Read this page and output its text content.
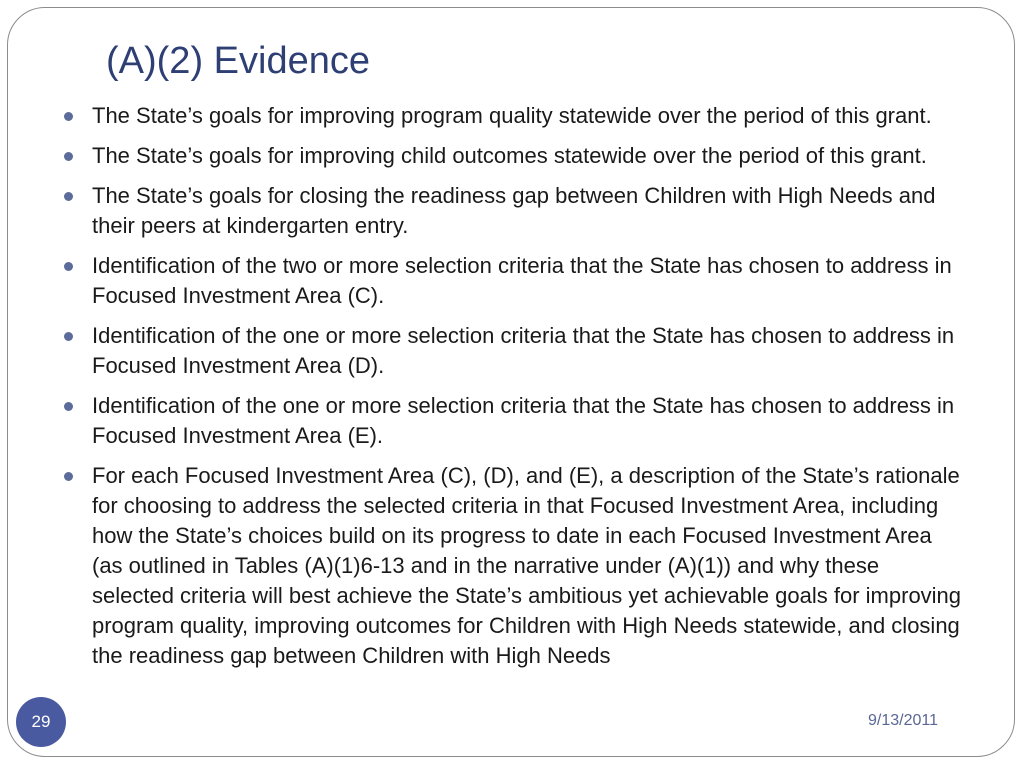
(A)(2) Evidence
The State’s goals for improving program quality statewide over the period of this grant.
The State’s goals for improving child outcomes statewide over the period of this grant.
The State’s goals for closing the readiness gap between Children with High Needs and their peers at kindergarten entry.
Identification of the two or more selection criteria that the State has chosen to address in Focused Investment Area (C).
Identification of the one or more selection criteria that the State has chosen to address in Focused Investment Area (D).
Identification of the one or more selection criteria that the State has chosen to address in Focused Investment Area (E).
For each Focused Investment Area (C), (D), and (E), a description of the State’s rationale for choosing to address the selected criteria in that Focused Investment Area, including how the State’s choices build on its progress to date in each Focused Investment Area (as outlined in Tables (A)(1)6-13 and in the narrative under (A)(1)) and why these selected criteria will best achieve the State’s ambitious yet achievable goals for improving program quality, improving outcomes for Children with High Needs statewide, and closing the readiness gap between Children with High Needs
29	9/13/2011
